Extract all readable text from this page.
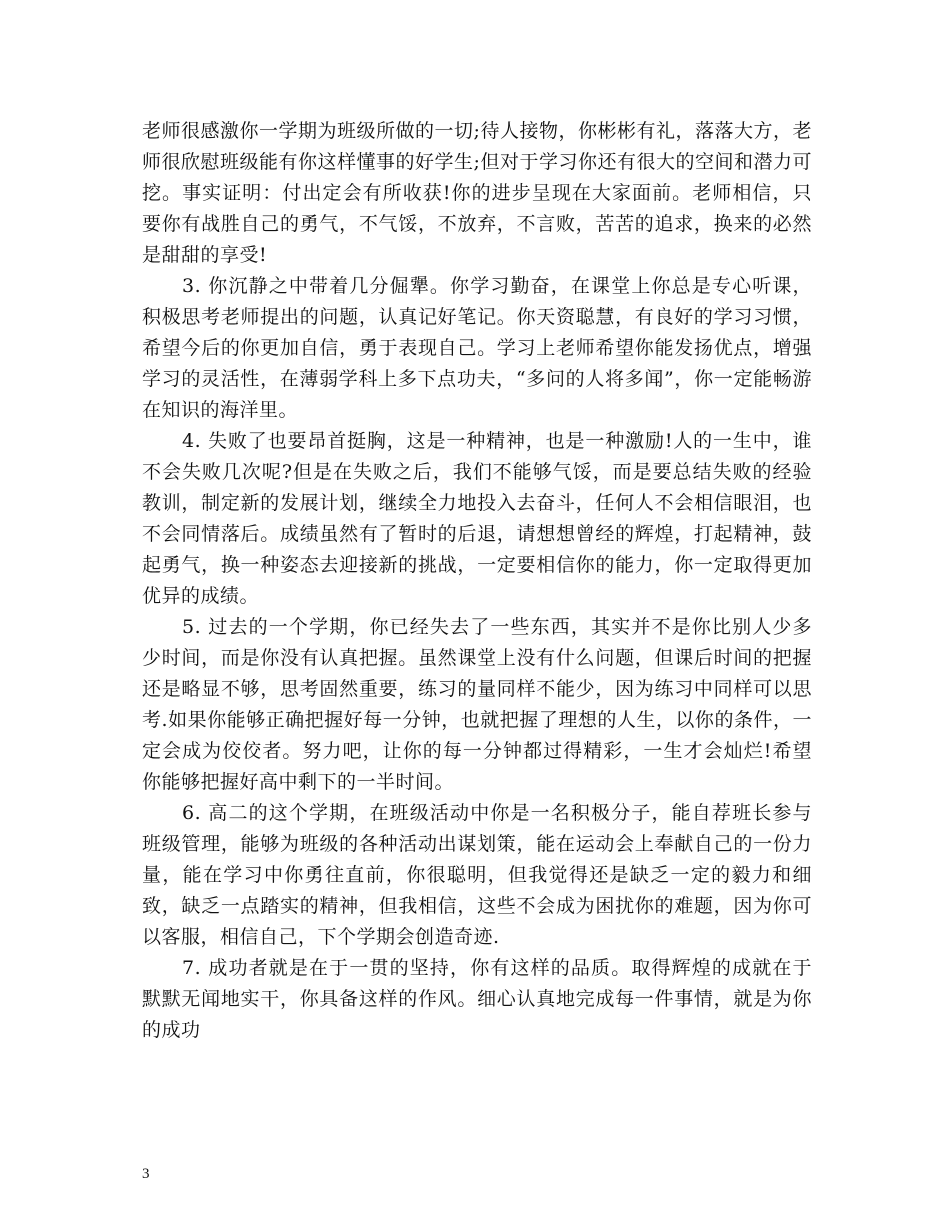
老师很感激你一学期为班级所做的一切;待人接物，你彬彬有礼，落落大方，老师很欣慰班级能有你这样懂事的好学生;但对于学习你还有很大的空间和潜力可挖。事实证明：付出定会有所收获!你的进步呈现在大家面前。老师相信，只要你有战胜自己的勇气，不气馁，不放弃，不言败，苦苦的追求，换来的必然是甜甜的享受!

3. 你沉静之中带着几分倔犟。你学习勤奋，在课堂上你总是专心听课，积极思考老师提出的问题，认真记好笔记。你天资聪慧，有良好的学习习惯，希望今后的你更加自信，勇于表现自己。学习上老师希望你能发扬优点，增强学习的灵活性，在薄弱学科上多下点功夫，“多问的人将多闻”，你一定能畅游在知识的海洋里。

4. 失败了也要昂首挺胸，这是一种精神，也是一种激励!人的一生中，谁不会失败几次呢?但是在失败之后，我们不能够气馁，而是要总结失败的经验教训，制定新的发展计划，继续全力地投入去奋斗，任何人不会相信眼泪，也不会同情落后。成绩虽然有了暂时的后退，请想想曾经的辉煌，打起精神，鼓起勇气，换一种姿态去迎接新的挑战，一定要相信你的能力，你一定取得更加优异的成绩。

5. 过去的一个学期，你已经失去了一些东西，其实并不是你比别人少多少时间，而是你没有认真把握。虽然课堂上没有什么问题，但课后时间的把握还是略显不够，思考固然重要，练习的量同样不能少，因为练习中同样可以思考.如果你能够正确把握好每一分钟，也就把握了理想的人生，以你的条件，一定会成为佼佼者。努力吧，让你的每一分钟都过得精彩，一生才会灿烂!希望你能够把握好高中剩下的一半时间。

6. 高二的这个学期，在班级活动中你是一名积极分子，能自荐班长参与班级管理，能够为班级的各种活动出谋划策，能在运动会上奉献自己的一份力量，能在学习中你勇往直前，你很聪明，但我觉得还是缺乏一定的毅力和细致，缺乏一点踏实的精神，但我相信，这些不会成为困扰你的难题，因为你可以客服，相信自己，下个学期会创造奇迹.

7. 成功者就是在于一贯的坚持，你有这样的品质。取得辉煌的成就在于默默无闻地实干，你具备这样的作风。细心认真地完成每一件事情，就是为你的成功

3
